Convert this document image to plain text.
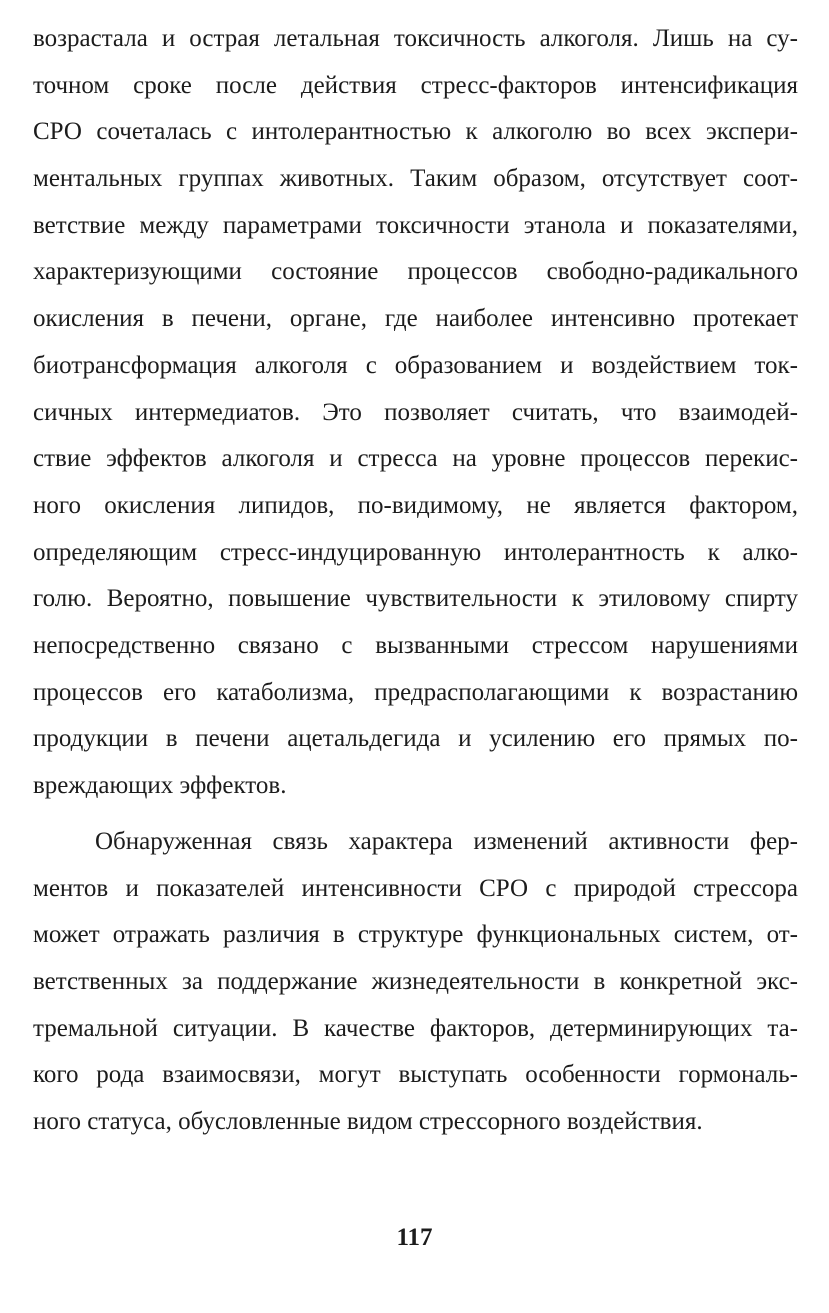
возрастала и острая летальная токсичность алкоголя. Лишь на су-
точном сроке после действия стресс-факторов интенсификация
СРО сочеталась с интолерантностью к алкоголю во всех экспери-
ментальных группах животных. Таким образом, отсутствует соот-
ветствие между параметрами токсичности этанола и показателями,
характеризующими состояние процессов свободно-радикального
окисления в печени, органе, где наиболее интенсивно протекает
биотрансформация алкоголя с образованием и воздействием ток-
сичных интермедиатов. Это позволяет считать, что взаимодей-
ствие эффектов алкоголя и стресса на уровне процессов перекис-
ного окисления липидов, по-видимому, не является фактором,
определяющим стресс-индуцированную интолерантность к алко-
голю. Вероятно, повышение чувствительности к этиловому спирту
непосредственно связано с вызванными стрессом нарушениями
процессов его катаболизма, предрасполагающими к возрастанию
продукции в печени ацетальдегида и усилению его прямых по-
вреждающих эффектов.
Обнаруженная связь характера изменений активности фер-
ментов и показателей интенсивности СРО с природой стрессора
может отражать различия в структуре функциональных систем, от-
ветственных за поддержание жизнедеятельности в конкретной экс-
тремальной ситуации. В качестве факторов, детерминирующих та-
кого рода взаимосвязи, могут выступать особенности гормональ-
ного статуса, обусловленные видом стрессорного воздействия.
117
